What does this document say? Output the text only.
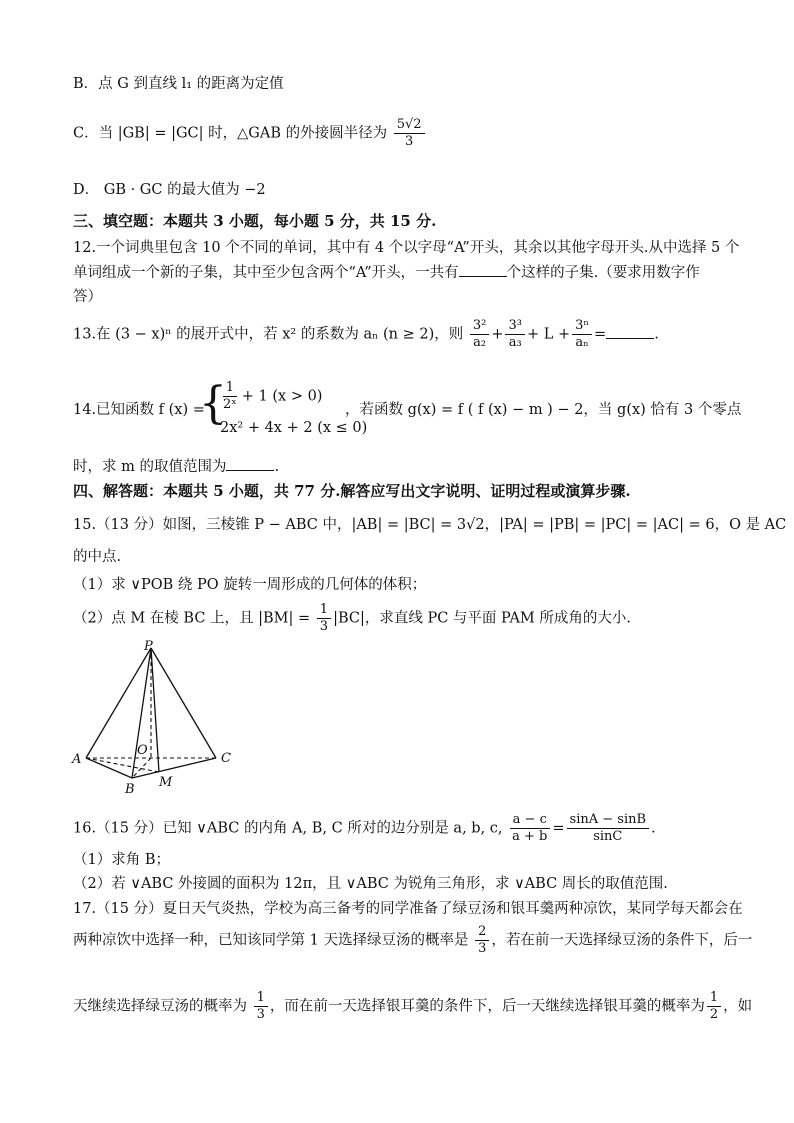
B．点 G 到直线 l₁ 的距离为定值
C．当 |GB| = |GC| 时，△GAB 的外接圆半径为 $\frac{5√2}{3}$
D． GB · GC 的最大值为 −2
三、填空题：本题共 3 小题，每小题 5 分，共 15 分.
12.一个词典里包含 10 个不同的单词，其中有 4 个以字母“A”开头，其余以其他字母开头.从中选择 5 个
单词组成一个新的子集，其中至少包含两个“A”开头，一共有	个这样的子集.（要求用数字作
答）
13.在 (3 − x)ⁿ 的展开式中，若 x² 的系数为 aₙ (n ≥ 2)，则 $\frac{\text{3²}}{\text{a₂}} + \frac{\text{3³}}{\text{a₃}} + L + \frac{\text{3ⁿ}}{\text{aₙ}}$ =	.
14.已知函数 f (x) =
{
$\frac{1}{\text{2ˣ}} + 1$ (x > 0)
2x² + 4x + 2 (x ≤ 0)
，若函数 g(x) = f ( f (x) − m ) − 2，当 g(x) 恰有 3 个零点
时，求 m 的取值范围为	.
四、解答题：本题共 5 小题，共 77 分.解答应写出文字说明、证明过程或演算步骤.
15.（13 分）如图，三棱锥 P − ABC 中，|AB| = |BC| = 3√2，|PA| = |PB| = |PC| = |AC| = 6，O 是 AC
的中点.
（1）求 ∨POB 绕 PO 旋转一周形成的几何体的体积；
（2）点 M 在棱 BC 上，且 $|BM| = \frac{1}{3} |BC|$，求直线 PC 与平面 PAM 所成角的大小.
P
A
B
C
O
M
16.（15 分）已知 ∨ABC 的内角 A, B, C 所对的边分别是 a, b, c, $\frac{a - c}{a + b} = \frac{\sin A - \sin B}{\sin C}$ .
（1）求角 B；
（2）若 ∨ABC 外接圆的面积为 12π，且 ∨ABC 为锐角三角形，求 ∨ABC 周长的取值范围.
17.（15 分）夏日天气炎热，学校为高三备考的同学准备了绿豆汤和银耳羹两种凉饮，某同学每天都会在
两种凉饮中选择一种，已知该同学第 1 天选择绿豆汤的概率是 $\frac{2}{3}$ ，若在前一天选择绿豆汤的条件下，后一
天继续选择绿豆汤的概率为 $\frac{1}{3}$ ，而在前一天选择银耳羹的条件下，后一天继续选择银耳羹的概率为 $\frac{1}{2}$ ，如
